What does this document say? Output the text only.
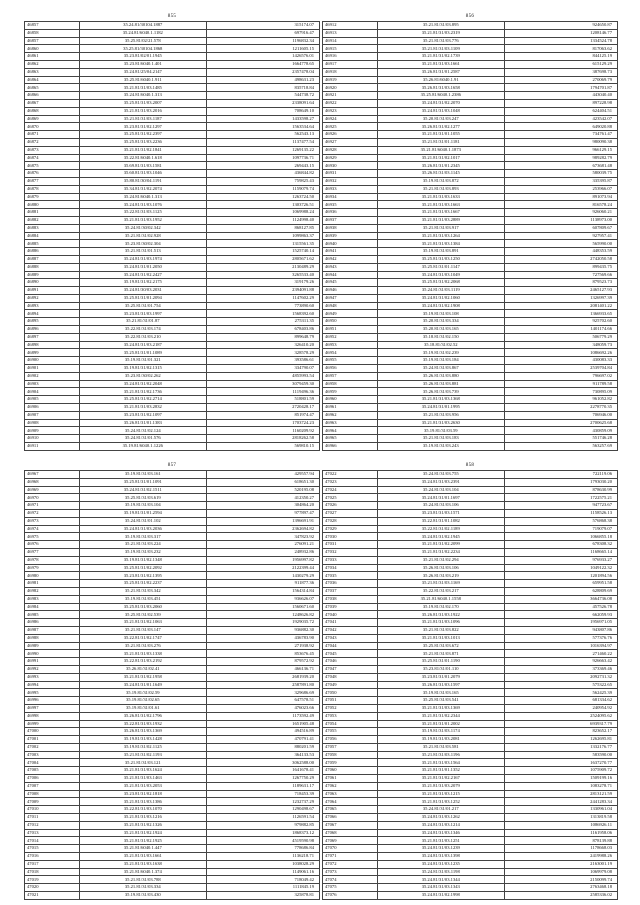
855
46857	35.24.81/30104.1887	315174.07
46858	35.24.81/6040.1.1182	697916.47
46857	35.25.81/02/21.578	1196832.34
46860	35.25.81/30104.1868	1211605.15
46861	35.23.81/02/01.1945	1426576.01
46862	35.23.81/6040.1.401	1664778.65
46863	35.24.81/25/04.2147	2357478.04
46864	35.25.81/6040.1.911	498631.23
46865	35.21.81/31/03.1485	835718.84
46866	35.24.81/6040.1.313	544738.72
46867	35.25.81/31/03.2007	2338091.64
46868	35.21.81/31/03.2016	708649.10
46869	35.21.81/31/03.1187	1433598.27
46870	35.23.81/31/02.1297	1563534.64
46871	35.25.81/31/02.2397	562543.13
46872	35.25.81/31/03.2236	1137477.54
46873	35.21.81/31/02.1841	1269135.22
46874	35.22.81/6040.1.618	1097736.71
46875	35.69.81/31/03.1581	269443.15
46876	35.60.81/31/03.1046	436844.82
46877	35.80.81/30/04.1191	759825.43
46878	35.34.81/31/02.2074	1159079.74
46879	35.24.81/6040.1.313	1263724.50
46880	35.24.81/31/03.1076	1303726.51
46881	35.22.81/31/03.1125	1069988.24
46882	35.21.81/31/03.1952	1124998.40
46883	35.24.81/30/02.342	868127.85
46884	35.21.81/31/02.928	1099863.37
46885	35.23.81/30/02.304	1315561.35
46886	35.21.81/31/01.513	1525740.14
46887	35.24.81/31/03.1974	2805671.62
46888	35.24.81/31/01.2050	2130489.29
46889	35.24.81/31/02.2427	3265533.40
46890	35.19.81/31/02.2175	319179.26
46891	35.24.81/30/03.2031	2394091.88
46892	35.25.81/31/01.2094	1147602.29
46893	35.25.81/31/01.754	773890.60
46894	35.23.81/31/03.1997	1568392.60
46895	35.21.81/31/01.87	275311.35
46896	35.22.81/31/03.174	678403.86
46897	35.22.81/31/03.210	899648.79
46898	35.24.81/31/03.2187	326410.20
46899	35.25.81/31/01.1089	328578.29
46900	35.19.81/31/01.321	393586.61
46901	35.19.81/31/02.1315	334790.07
46902	35.23.81/30/02.262	4855993.54
46903	35.24.81/31/02.2048	3079459.30
46904	35.21.81/31/02.1736	1119496.36
46905	35.25.81/31/02.2714	518801.59
46906	35.21.81/31/03.2832	2720428.17
46907	35.23.81/31/02.1097	851974.47
46908	35.26.81/31/01.1383	1703724.23
46909	35.24.81/31/02.124	1160209.92
46910	35.24.81/31/01.576	2818262.58
46911	35.19.81/6040.1.1226	569810.15
856
46912	35.21.81/31/03.895	924650.87
46913	35.21.81/31/03.2319	1208146.77
46914	35.21.81/31/03.776	1334524.78
46915	35.21.81/31/03.1109	817063.62
46916	35.21.81/31/02.1739	844125.19
46917	35.21.81/31/03.1661	615129.29
46918	35.26.81/31/01.2587	387698.73
46919	35.26.81/6040.1.91	270069.79
46920	35.26.81/31/03.1658	1794701.87
46921	35.25.81/6040.1.2386	443040.40
46922	35.24.81/31/02.2070	897228.98
46923	35.24.81/31/03.1048	624404.51
46924	35.20.81/31/03.247	423542.07
46925	35.26.81/31/02.1277	649020.88
46926	35.21.81/31/01.1055	734761.47
46927	35.21.81/31/01.1181	980090.38
46928	35.21.81/6040.1.1873	966129.15
46929	35.21.81/31/02.1017	989282.79
46930	35.26.81/31/01.2345	673681.48
46931	35.26.81/31/03.1145	580039.75
46932	35.19.81/31/03.872	335395.87
46933	35.21.81/31/03.893	253966.07
46934	35.21.81/31/03.1633	891073.94
46935	35.21.81/31/03.1663	816578.24
46936	35.21.81/31/03.1667	926060.21
46937	35.21.81/31/03.2889	1138973.00
46938	35.21.81/31/03.917	607809.67
46939	35.21.81/31/03.1264	927957.41
46940	35.21.81/31/03.1384	565990.00
46941	35.19.81/31/03.891	448353.59
46942	35.25.81/31/03.1250	2742050.58
46943	35.25.81/31/01.1147	899435.75
46944	35.24.81/31/03.1049	727569.66
46945	35.25.81/31/02.2068	879523.73
46946	35.24.81/31/03.1119	2465127.93
46947	35.24.81/31/02.1060	1326997.39
46948	35.24.81/31/02.1908	2081401.22
46949	35.19.81/31/03.108	1366933.65
46950	35.20.81/31/03.334	925702.60
46951	35.20.81/31/03.165	1401174.66
46952	35.18.81/31/02.150	506779.29
46953	35.18.81/31/02.52	348059.73
46954	35.19.81/31/02.239	1086692.26
46955	35.19.81/31/03.184	430083.33
46956	35.24.81/31/03.867	2539704.84
46957	35.26.81/31/03.880	796697.02
46958	35.26.81/31/03.881	911789.58
46959	35.26.81/31/03.739	730895.09
46960	35.21.81/31/03.1368	961052.82
46961	35.24.81/31/01.1995	2278770.35
46962	35.21.81/31/03.956	706946.00
46963	35.21.81/31/03.2630	2700625.68
46964	35.19.81/31/03.59	430859.09
46965	35.21.81/31/03.183	551746.28
46966	35.19.81/31/03.243	563257.69
857
46967	35.19.81/31/03.161	429557.94
46968	35.25.81/31/01.1091	618651.30
46969	35.24.81/31/02.1511	520195.08
46970	35.25.81/31/03.619	412350.27
46971	35.19.81/31/03.104	304864.20
46972	35.19.81/31/01.2594	977897.47
46973	35.24.81/31/01.102	1396691.91
46974	35.24.81/31/03.2036	2362694.82
46975	35.19.81/31/03.317	347823.92
46976	35.21.81/31/03.224	276091.21
46977	35.19.81/31/03.232	248932.86
46978	35.19.81/31/02.1348	1956997.82
46979	35.25.81/31/02.2092	2122399.44
46980	35.23.81/31/02.1395	1430279.29
46981	35.25.81/31/02.2237	911877.36
46982	35.21.81/31/03.342	1564314.84
46983	35.19.81/31/03.451	936626.07
46984	35.25.81/31/03.2060	1560671.60
46985	35.25.81/31/02.539	1248626.82
46986	35.21.81/31/02.1063	1929035.72
46987	35.21.81/31/03.147	936882.30
46988	35.22.81/31/02.1747	436783.90
46989	35.21.81/31/03.276	271938.92
46990	35.21.81/31/03.1338	853676.45
46991	35.22.81/31/03.2192	879572.92
46992	35.26.81/31/02.41	466136.71
46993	35.21.81/31/02.1958	2681939.20
46994	35.24.81/31/01.1649	2587891.80
46995	35.19.81/31/02.59	329686.69
46996	35.19.81/31/02.65	647578.51
46997	35.19.81/31/01.61	476023.66
46998	35.26.81/31/02.1796	1173592.49
46999	35.22.81/31/03.1932	1651905.48
47000	35.26.81/31/03.1369	494516.89
47001	35.19.81/31/03.1428	470791.41
47002	35.19.81/31/02.1125	880201.59
47003	35.21.81/31/02.1193	364133.53
47004	35.21.81/31/03.121	3062588.00
47005	35.21.81/31/03.1624	1641678.41
47006	35.21.81/31/03.1463	1267750.29
47007	35.21.81/31/03.2053	1189631.17
47008	35.23.81/31/02.1818	718453.39
47009	35.21.81/31/03.1386	1232737.29
47010	35.22.81/31/03.1070	1290498.67
47011	35.21.81/31/03.1216	1126591.54
47012	35.21.81/31/02.1326	979882.85
47013	35.21.81/31/02.1924	1868373.12
47014	35.21.81/31/02.1925	4519590.98
47015	35.21.81/6040.1.447	778686.84
47016	35.21.81/31/03.1661	1136218.71
47017	35.21.81/31/03.1638	1038028.29
47018	35.21.81/6040.1.374	1149061.16
47019	35.21.81/31/03.788	718049.42
47020	35.21.81/31/03.334	1111845.19
47021	35.19.81/31/03.430	325878.81
858
47022	35.24.81/31/03.755	722119.06
47023	35.24.81/31/03.2391	1793030.20
47024	35.24.81/31/03.104	878630.99
47025	35.24.81/31/01.1697	1722575.21
47026	35.24.81/31/03.106	947723.67
47027	35.23.81/31/03.1571	1158526.13
47028	35.22.81/31/01.1082	576868.38
47029	35.22.81/31/02.1189	719079.07
47030	35.24.81/31/02.1945	1066855.18
47031	35.21.81/31/02.2099	678308.32
47032	35.21.81/31/02.2234	1168665.14
47033	35.21.81/31/02.294	976933.27
47034	35.26.81/31/03.106	1049122.32
47035	35.26.81/31/03.219	1201894.56
47036	35.21.81/31/03.1169	659951.58
47037	35.22.81/31/03.217	628809.69
47038	35.21.81/6040.1.1558	3664736.08
47039	35.19.81/31/02.170	457526.78
47040	35.26.81/31/03.1922	662059.93
47041	35.21.81/31/03.1096	1956971.05
47042	35.21.81/31/03.822	943807.86
47043	35.21.81/31/03.1013	577376.76
47044	35.25.81/31/03.672	1016394.97
47045	35.21.81/31/03.871	271460.22
47046	35.25.81/31/01.1190	926663.42
47047	35.23.81/31/01.110	373369.46
47048	35.23.81/31/01.2079	2092731.32
47049	35.26.81/31/03.1597	575322.65
47050	35.19.81/31/03.165	562425.39
47051	35.25.81/31/03.541	681334.62
47052	35.21.81/31/03.1369	240954.92
47053	35.21.81/31/02.2344	2524095.62
47054	35.21.81/31/01.2002	6939317.79
47055	35.19.81/31/03.1174	823652.17
47056	35.19.81/31/03.2081	1262695.81
47057	35.21.81/31/03.581	1332176.77
47058	35.21.81/31/03.1196	583590.00
47059	35.21.81/31/03.1564	1637270.77
47060	35.21.81/31/01.1352	1075909.72
47061	35.21.81/31/02.2167	1509199.16
47062	35.21.81/31/03.2079	1083278.71
47063	35.21.81/31/03.1215	2813121.59
47064	35.21.81/31/03.1252	2441283.34
47065	35.24.81/31/01.217	1330961.04
47066	35.24.81/31/03.1262	1313819.58
47067	35.24.81/31/03.1214	1086926.11
47068	35.24.81/31/03.1346	1161958.06
47069	35.21.81/31/03.1251	878139.88
47070	35.24.81/31/03.1239	1178668.03
47071	35.24.81/31/03.1398	2419988.26
47072	35.24.81/31/03.1235	2163001.19
47073	35.24.81/31/03.1198	1069979.08
47074	35.24.81/31/03.1344	2150099.74
47075	35.24.81/31/03.1343	2763468.18
47076	35.24.81/31/02.1998	2585336.02
